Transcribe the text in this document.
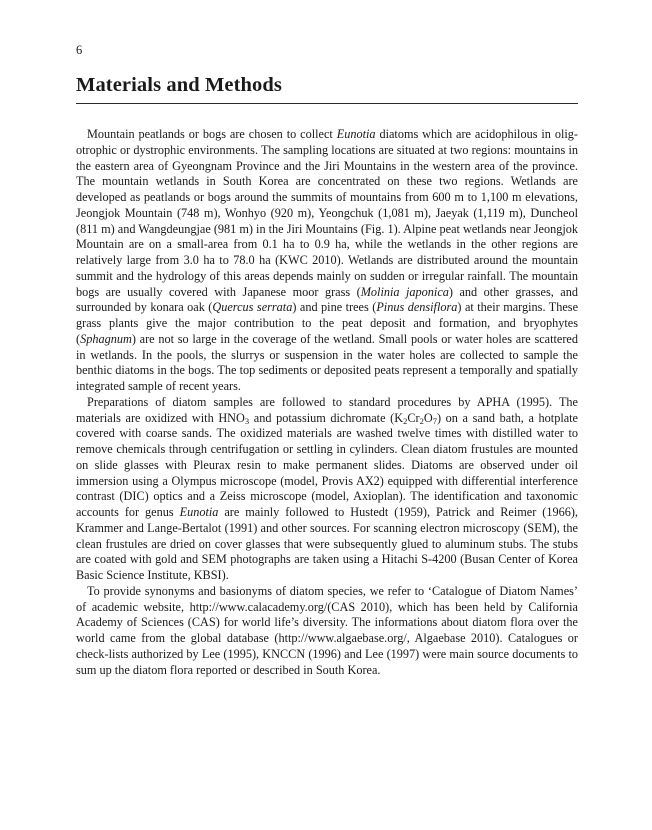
6
Materials and Methods

Mountain peatlands or bogs are chosen to collect Eunotia diatoms which are acidophilous in oligotrophic or dystrophic environments. The sampling locations are situated at two regions: mountains in the eastern area of Gyeongnam Province and the Jiri Mountains in the western area of the province. The mountain wetlands in South Korea are concentrated on these two regions. Wetlands are developed as peatlands or bogs around the summits of mountains from 600 m to 1,100 m elevations, Jeongjok Mountain (748 m), Wonhyo (920 m), Yeongchuk (1,081 m), Jaeyak (1,119 m), Duncheol (811 m) and Wangdeungjae (981 m) in the Jiri Mountains (Fig. 1). Alpine peat wetlands near Jeongjok Mountain are on a small-area from 0.1 ha to 0.9 ha, while the wetlands in the other regions are relatively large from 3.0 ha to 78.0 ha (KWC 2010). Wetlands are distributed around the mountain summit and the hydrology of this areas depends mainly on sudden or irregular rainfall. The mountain bogs are usually covered with Japanese moor grass (Molinia japonica) and other grasses, and surrounded by konara oak (Quercus serrata) and pine trees (Pinus densiflora) at their margins. These grass plants give the major contribution to the peat deposit and formation, and bryophytes (Sphagnum) are not so large in the coverage of the wetland. Small pools or water holes are scattered in wetlands. In the pools, the slurrys or suspension in the water holes are collected to sample the benthic diatoms in the bogs. The top sediments or deposited peats represent a temporally and spatially integrated sample of recent years.

Preparations of diatom samples are followed to standard procedures by APHA (1995). The materials are oxidized with $HNO_3$ and potassium dichromate $(K_2Cr_2O_7)$ on a sand bath, a hotplate covered with coarse sands. The oxidized materials are washed twelve times with distilled water to remove chemicals through centrifugation or settling in cylinders. Clean diatom frustules are mounted on slide glasses with Pleurax resin to make permanent slides. Diatoms are observed under oil immersion using a Olympus microscope (model, Provis AX2) equipped with differential interference contrast (DIC) optics and a Zeiss microscope (model, Axioplan). The identification and taxonomic accounts for genus Eunotia are mainly followed to Hustedt (1959), Patrick and Reimer (1966), Krammer and Lange-Bertalot (1991) and other sources. For scanning electron microscopy (SEM), the clean frustules are dried on cover glasses that were subsequently glued to aluminum stubs. The stubs are coated with gold and SEM photographs are taken using a Hitachi S-4200 (Busan Center of Korea Basic Science Institute, KBSI).

To provide synonyms and basionyms of diatom species, we refer to ‘Catalogue of Diatom Names’ of academic website, http://www.calacademy.org/(CAS 2010), which has been held by California Academy of Sciences (CAS) for world life’s diversity. The informations about diatom flora over the world came from the global database (http://www.algaebase.org/, Algaebase 2010). Catalogues or check-lists authorized by Lee (1995), KNCCN (1996) and Lee (1997) were main source documents to sum up the diatom flora reported or described in South Korea.
